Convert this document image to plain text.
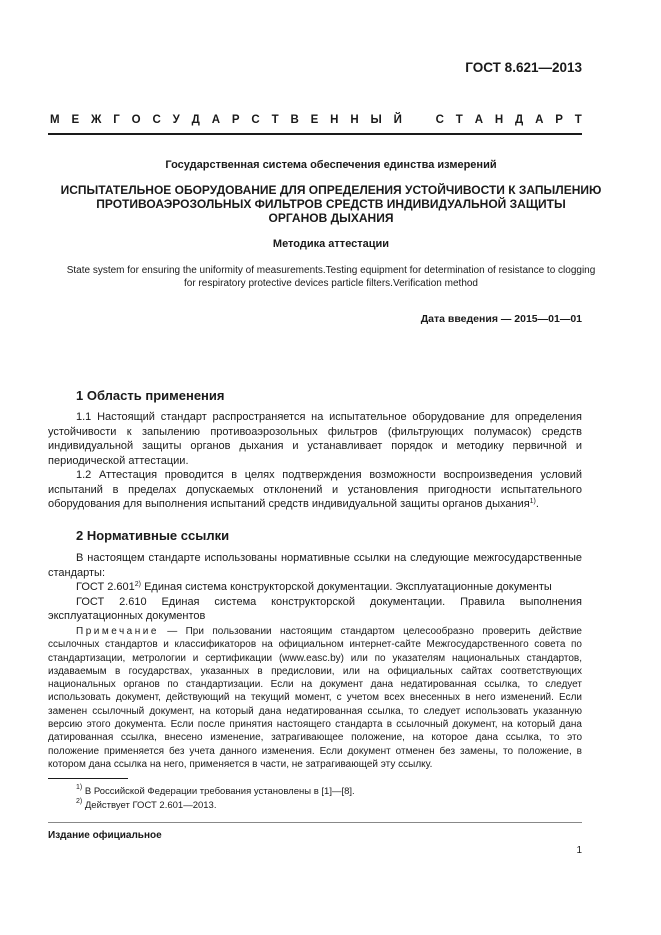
ГОСТ 8.621—2013
М Е Ж Г О С У Д А Р С Т В Е Н Н Ы Й	С Т А Н Д А Р Т
Государственная система обеспечения единства измерений
ИСПЫТАТЕЛЬНОЕ ОБОРУДОВАНИЕ ДЛЯ ОПРЕДЕЛЕНИЯ УСТОЙЧИВОСТИ К ЗАПЫЛЕНИЮ
ПРОТИВОАЭРОЗОЛЬНЫХ ФИЛЬТРОВ СРЕДСТВ ИНДИВИДУАЛЬНОЙ ЗАЩИТЫ
ОРГАНОВ ДЫХАНИЯ
Методика аттестации
State system for ensuring the uniformity of measurements.Testing equipment for determination of resistance to clogging
for respiratory protective devices particle filters.Verification method
Дата введения — 2015—01—01
1 Область применения

1.1 Настоящий стандарт распространяется на испытательное оборудование для определения устойчивости к запылению противоаэрозольных фильтров (фильтрующих полумасок) средств индивидуальной защиты органов дыхания и устанавливает порядок и методику первичной и периодической аттестации.

1.2 Аттестация проводится в целях подтверждения возможности воспроизведения условий испытаний в пределах допускаемых отклонений и установления пригодности испытательного оборудования для выполнения испытаний средств индивидуальной защиты органов дыхания$^{1)}$.

2 Нормативные ссылки

В настоящем стандарте использованы нормативные ссылки на следующие межгосударственные стандарты:

ГОСТ 2.601$^{2)}$ Единая система конструкторской документации. Эксплуатационные документы

ГОСТ 2.610 Единая система конструкторской документации. Правила выполнения эксплуатационных документов

Примечание — При пользовании настоящим стандартом целесообразно проверить действие ссылочных стандартов и классификаторов на официальном интернет-сайте Межгосударственного совета по стандартизации, метрологии и сертификации (www.easc.by) или по указателям национальных стандартов, издаваемым в государствах, указанных в предисловии, или на официальных сайтах соответствующих национальных органов по стандартизации. Если на документ дана недатированная ссылка, то следует использовать документ, действующий на текущий момент, с учетом всех внесенных в него изменений. Если заменен ссылочный документ, на который дана недатированная ссылка, то следует использовать указанную версию этого документа. Если после принятия настоящего стандарта в ссылочный документ, на который дана датированная ссылка, внесено изменение, затрагивающее положение, на которое дана ссылка, то это положение применяется без учета данного изменения. Если документ отменен без замены, то положение, в котором дана ссылка на него, применяется в части, не затрагивающей эту ссылку.

$^{1)}$ В Российской Федерации требования установлены в [1]—[8].
$^{2)}$ Действует ГОСТ 2.601—2013.
Издание официальное
1
